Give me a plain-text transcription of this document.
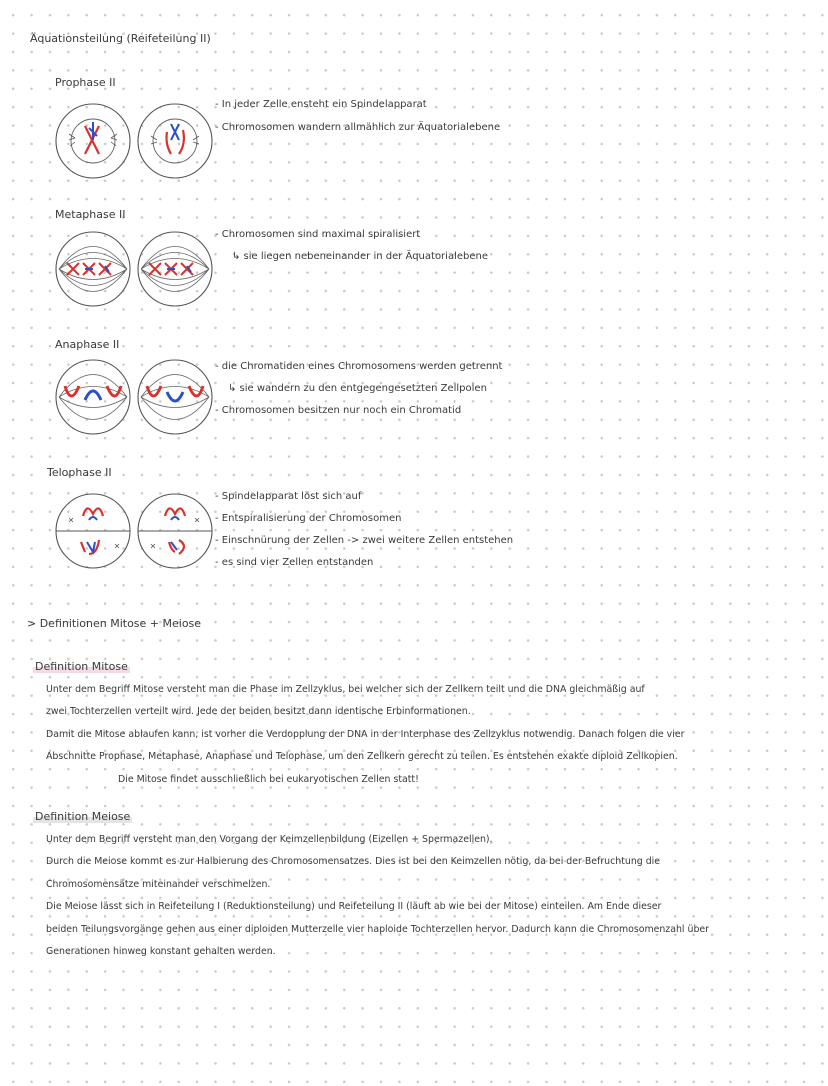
Äquationsteilung (Reifeteilung II)
Prophase II
- In jeder Zelle ensteht ein Spindelapparat
- Chromosomen wandern allmählich zur Äquatorialebene
Metaphase II
- Chromosomen sind maximal spiralisiert
↳ sie liegen nebeneinander in der Äquatorialebene
Anaphase II
- die Chromatiden eines Chromosomens werden getrennt
↳ sie wandern zu den entgegengesetzten Zellpolen
- Chromosomen besitzen nur noch ein Chromatid
Telophase II
- Spindelapparat löst sich auf
- Entspiralisierung der Chromosomen
- Einschnürung der Zellen -> zwei weitere Zellen entstehen
- es sind vier Zellen entstanden
> Definitionen Mitose + Meiose
Definition Mitose
Unter dem Begriff Mitose versteht man die Phase im Zellzyklus, bei welcher sich der Zellkern teilt und die DNA gleichmäßig auf
zwei Tochterzellen verteilt wird. Jede der beiden besitzt dann identische Erbinformationen.
Damit die Mitose ablaufen kann, ist vorher die Verdopplung der DNA in der Interphase des Zellzyklus notwendig. Danach folgen die vier
Abschnitte Prophase, Metaphase, Anaphase und Telophase, um den Zellkern gerecht zu teilen. Es entstehen exakte diploid Zellkopien.
Die Mitose findet ausschließlich bei eukaryotischen Zellen statt!
Definition Meiose
Unter dem Begriff versteht man den Vorgang der Keimzellenbildung (Eizellen + Spermazellen).
Durch die Meiose kommt es zur Halbierung des Chromosomensatzes. Dies ist bei den Keimzellen nötig, da bei der Befruchtung die
Chromosomensätze miteinander verschmelzen.
Die Meiose lässt sich in Reifeteilung I (Reduktionsteilung) und Reifeteilung II (läuft ab wie bei der Mitose) einteilen. Am Ende dieser
beiden Teilungsvorgänge gehen aus einer diploiden Mutterzelle vier haploide Tochterzellen hervor. Dadurch kann die Chromosomenzahl über
Generationen hinweg konstant gehalten werden.
